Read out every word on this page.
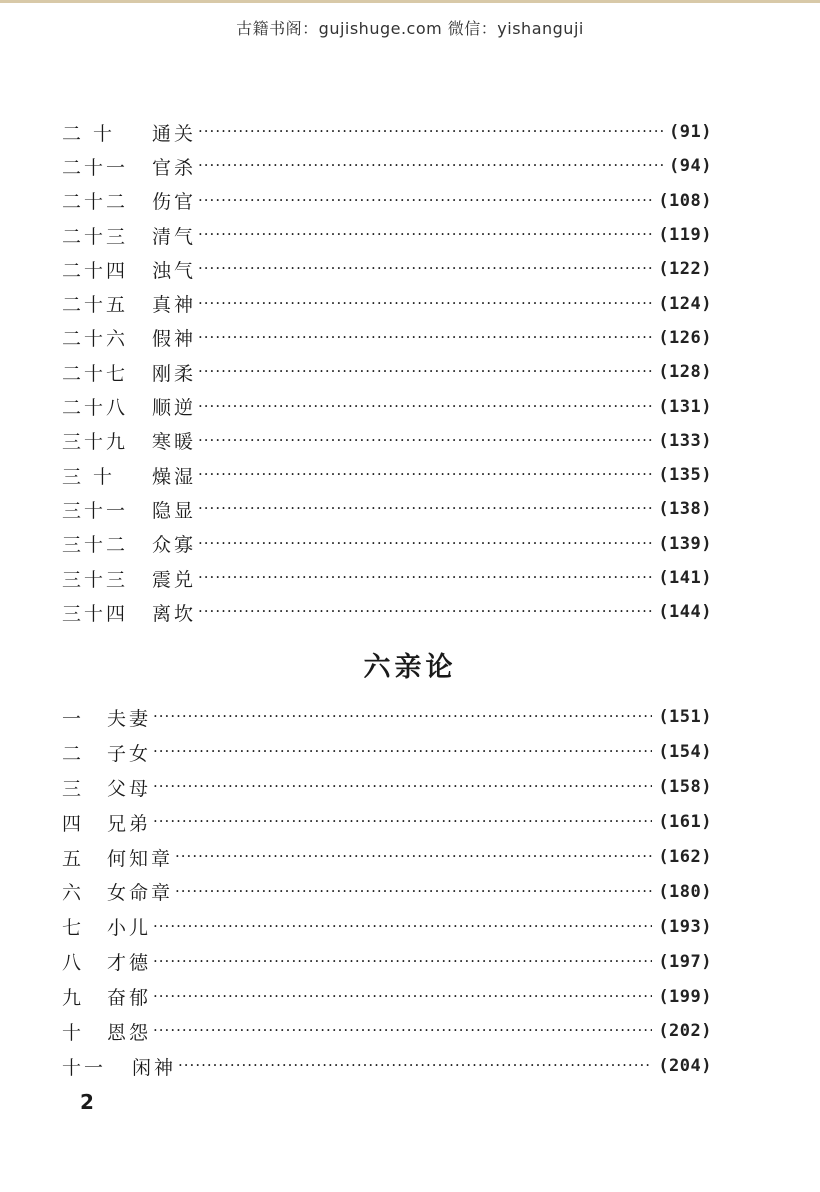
古籍书阁：gujishuge.com 微信：yishanguji
二 十	通关 ·····	(91)
二十一	官杀 ·····	(94)
二十二	伤官 ·····	(108)
二十三	清气 ·····	(119)
二十四	浊气 ·····	(122)
二十五	真神 ·····	(124)
二十六	假神 ·····	(126)
二十七	刚柔 ·····	(128)
二十八	顺逆 ·····	(131)
三十九	寒暖 ·····	(133)
三 十	燥湿 ·····	(135)
三十一	隐显 ·····	(138)
三十二	众寡 ·····	(139)
三十三	震兑 ·····	(141)
三十四	离坎 ·····	(144)
六亲论
一	夫妻 ·····	(151)
二	子女 ·····	(154)
三	父母 ·····	(158)
四	兄弟 ·····	(161)
五	何知章 ·····	(162)
六	女命章 ·····	(180)
七	小儿 ·····	(193)
八	才德 ·····	(197)
九	奋郁 ·····	(199)
十	恩怨 ·····	(202)
十一	闲神 ·····	(204)
2
